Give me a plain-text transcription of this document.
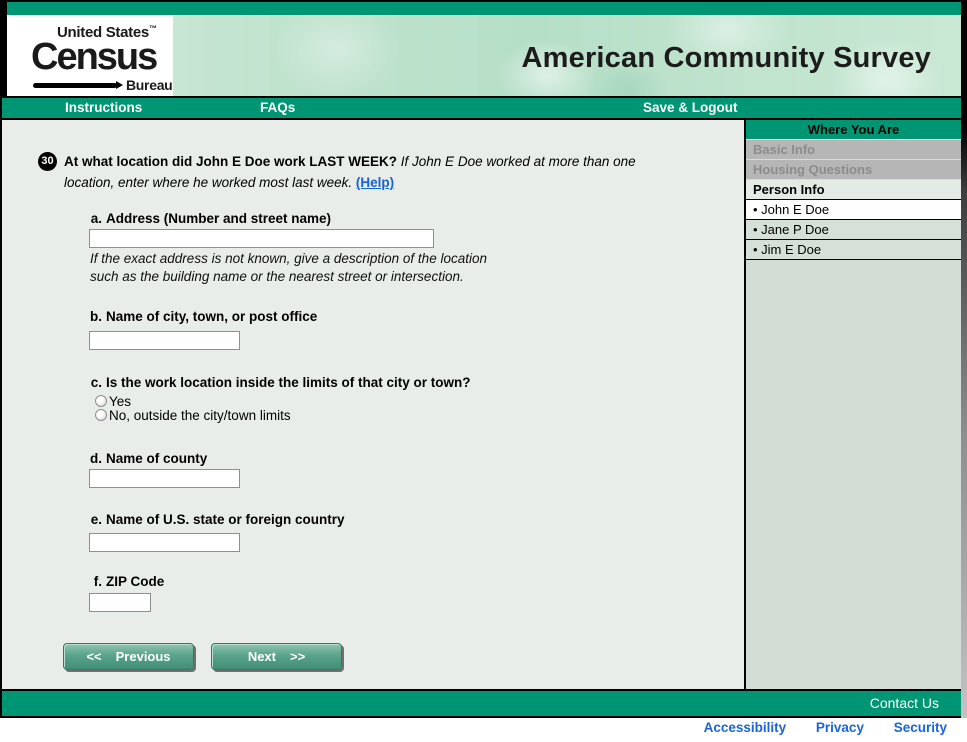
United States™
Census
Bureau
American Community Survey
Instructions	FAQs	Save & Logout
30 At what location did John E Doe work LAST WEEK? If John E Doe worked at more than one location, enter where he worked most last week. (Help)

a. Address (Number and street name)
If the exact address is not known, give a description of the location
such as the building name or the nearest street or intersection.
b. Name of city, town, or post office
c. Is the work location inside the limits of that city or town?
Yes
No, outside the city/town limits
d. Name of county
e. Name of U.S. state or foreign country
f. ZIP Code
<< Previous	Next >>
Where You Are
Basic Info
Housing Questions
Person Info
• John E Doe
• Jane P Doe
• Jim E Doe
Contact Us
Accessibility Privacy Security
